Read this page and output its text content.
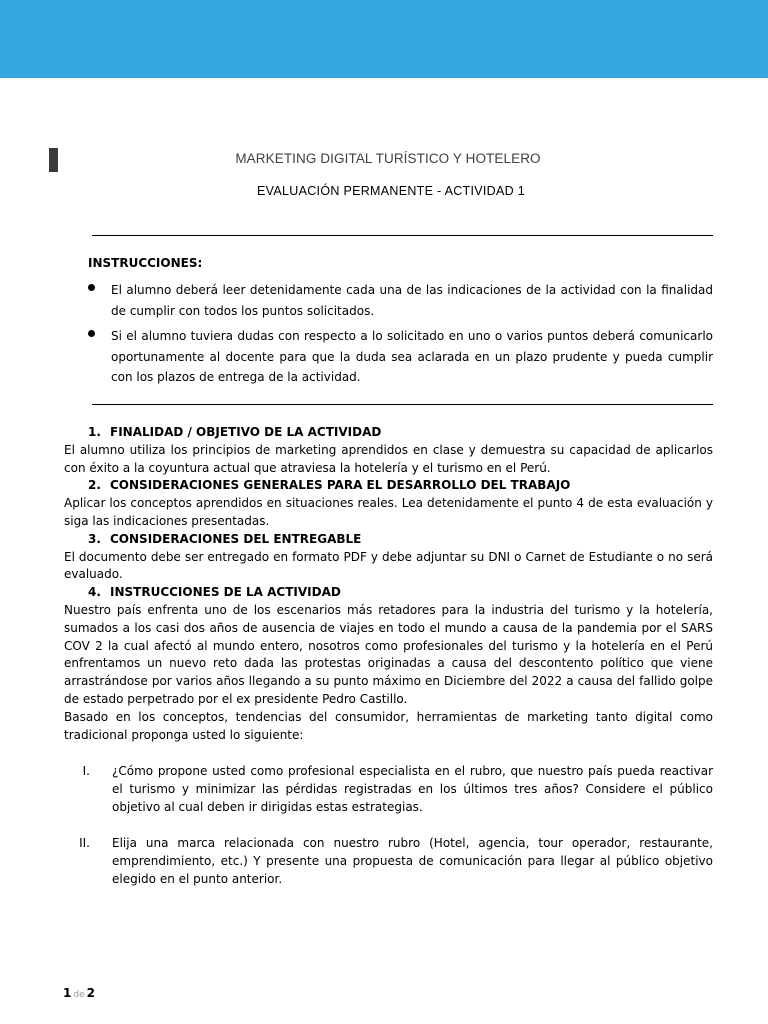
MARKETING DIGITAL TURÍSTICO Y HOTELERO
EVALUACIÓN PERMANENTE - ACTIVIDAD 1
INSTRUCCIONES:

El alumno deberá leer detenidamente cada una de las indicaciones de la actividad con la finalidad de cumplir con todos los puntos solicitados.

Si el alumno tuviera dudas con respecto a lo solicitado en uno o varios puntos deberá comunicarlo oportunamente al docente para que la duda sea aclarada en un plazo prudente y pueda cumplir con los plazos de entrega de la actividad.

1. FINALIDAD / OBJETIVO DE LA ACTIVIDAD

El alumno utiliza los principios de marketing aprendidos en clase y demuestra su capacidad de aplicarlos con éxito a la coyuntura actual que atraviesa la hotelería y el turismo en el Perú.

2. CONSIDERACIONES GENERALES PARA EL DESARROLLO DEL TRABAJO

Aplicar los conceptos aprendidos en situaciones reales. Lea detenidamente el punto 4 de esta evaluación y siga las indicaciones presentadas.

3. CONSIDERACIONES DEL ENTREGABLE

El documento debe ser entregado en formato PDF y debe adjuntar su DNI o Carnet de Estudiante o no será evaluado.

4. INSTRUCCIONES DE LA ACTIVIDAD

Nuestro país enfrenta uno de los escenarios más retadores para la industria del turismo y la hotelería, sumados a los casi dos años de ausencia de viajes en todo el mundo a causa de la pandemia por el SARS COV 2 la cual afectó al mundo entero, nosotros como profesionales del turismo y la hotelería en el Perú enfrentamos un nuevo reto dada las protestas originadas a causa del descontento político que viene arrastrándose por varios años llegando a su punto máximo en Diciembre del 2022 a causa del fallido golpe de estado perpetrado por el ex presidente Pedro Castillo.

Basado en los conceptos, tendencias del consumidor, herramientas de marketing tanto digital como tradicional proponga usted lo siguiente:

I. ¿Cómo propone usted como profesional especialista en el rubro, que nuestro país pueda reactivar el turismo y minimizar las pérdidas registradas en los últimos tres años? Considere el público objetivo al cual deben ir dirigidas estas estrategias.

II. Elija una marca relacionada con nuestro rubro (Hotel, agencia, tour operador, restaurante, emprendimiento, etc.) Y presente una propuesta de comunicación para llegar al público objetivo elegido en el punto anterior.

1 de 2
